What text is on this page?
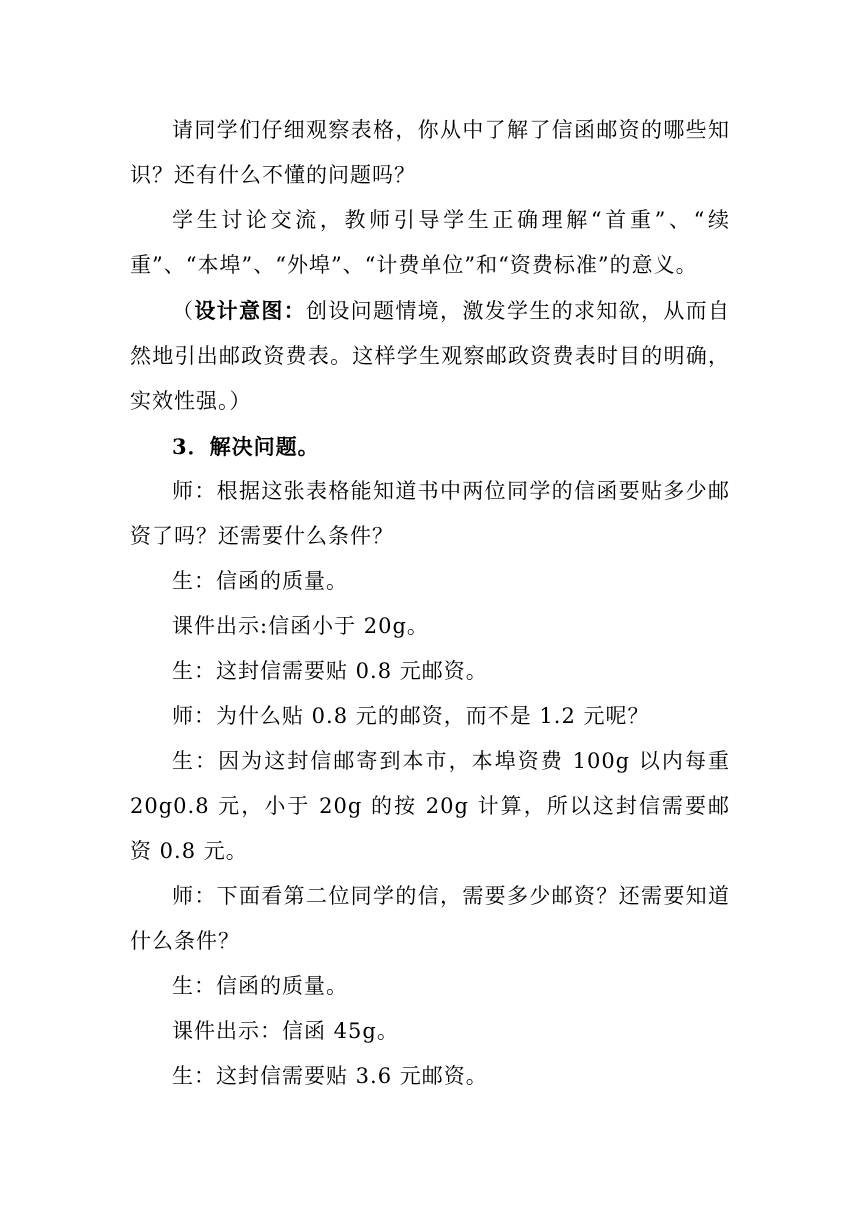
请同学们仔细观察表格，你从中了解了信函邮资的哪些知识？还有什么不懂的问题吗？

学生讨论交流，教师引导学生正确理解“首重”、“续重”、“本埠”、“外埠”、“计费单位”和“资费标准”的意义。

（设计意图：创设问题情境，激发学生的求知欲，从而自然地引出邮政资费表。这样学生观察邮政资费表时目的明确，实效性强。）

3．解决问题。

师：根据这张表格能知道书中两位同学的信函要贴多少邮资了吗？还需要什么条件？

生：信函的质量。

课件出示:信函小于 20g。

生：这封信需要贴 0.8 元邮资。

师：为什么贴 0.8 元的邮资，而不是 1.2 元呢？

生：因为这封信邮寄到本市，本埠资费 100g 以内每重 20g0.8 元，小于 20g 的按 20g 计算，所以这封信需要邮资 0.8 元。

师：下面看第二位同学的信，需要多少邮资？还需要知道什么条件？

生：信函的质量。

课件出示：信函 45g。

生：这封信需要贴 3.6 元邮资。
